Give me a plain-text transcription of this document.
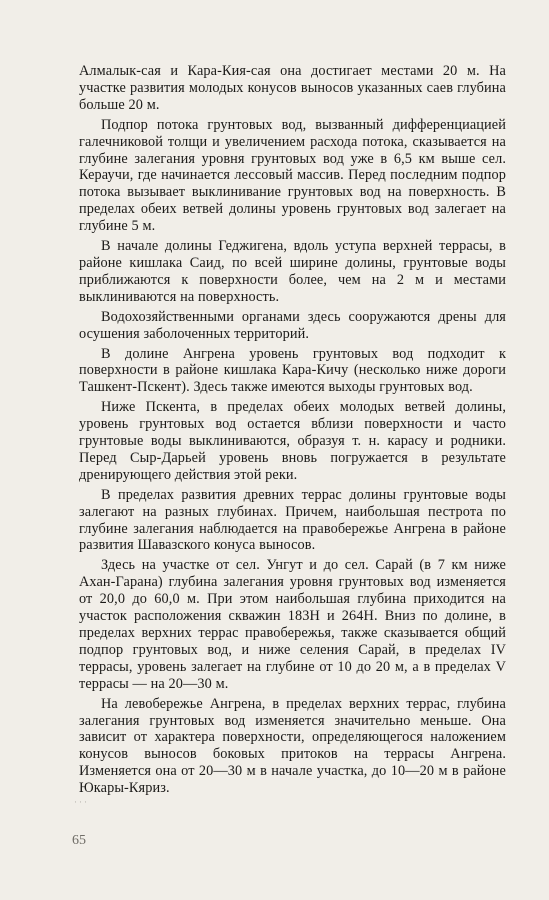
Алмалык-сая и Кара-Кия-сая она достигает местами 20 м. На участке развития молодых конусов выносов указанных саев глубина больше 20 м.

Подпор потока грунтовых вод, вызванный дифференциацией галечниковой толщи и увеличением расхода потока, сказывается на глубине залегания уровня грунтовых вод уже в 6,5 км выше сел. Кераучи, где начинается лессовый массив. Перед последним подпор потока вызывает выклинивание грунтовых вод на поверхность. В пределах обеих ветвей долины уровень грунтовых вод залегает на глубине 5 м.

В начале долины Геджигена, вдоль уступа верхней террасы, в районе кишлака Саид, по всей ширине долины, грунтовые воды приближаются к поверхности более, чем на 2 м и местами выклиниваются на поверхность.

Водохозяйственными органами здесь сооружаются дрены для осушения заболоченных территорий.

В долине Ангрена уровень грунтовых вод подходит к поверхности в районе кишлака Кара-Кичу (несколько ниже дороги Ташкент-Пскент). Здесь также имеются выходы грунтовых вод.

Ниже Пскента, в пределах обеих молодых ветвей долины, уровень грунтовых вод остается вблизи поверхности и часто грунтовые воды выклиниваются, образуя т. н. карасу и родники. Перед Сыр-Дарьей уровень вновь погружается в результате дренирующего действия этой реки.

В пределах развития древних террас долины грунтовые воды залегают на разных глубинах. Причем, наибольшая пестрота по глубине залегания наблюдается на правобережье Ангрена в районе развития Шавазского конуса выносов.

Здесь на участке от сел. Унгут и до сел. Сарай (в 7 км ниже Ахан-Гарана) глубина залегания уровня грунтовых вод изменяется от 20,0 до 60,0 м. При этом наибольшая глубина приходится на участок расположения скважин 183Н и 264Н. Вниз по долине, в пределах верхних террас правобережья, также сказывается общий подпор грунтовых вод, и ниже селения Сарай, в пределах IV террасы, уровень залегает на глубине от 10 до 20 м, а в пределах V террасы — на 20—30 м.

На левобережье Ангрена, в пределах верхних террас, глубина залегания грунтовых вод изменяется значительно меньше. Она зависит от характера поверхности, определяющегося наложением конусов выносов боковых притоков на террасы Ангрена. Изменяется она от 20—30 м в начале участка, до 10—20 м в районе Юкары-Кяриз.

···
65
